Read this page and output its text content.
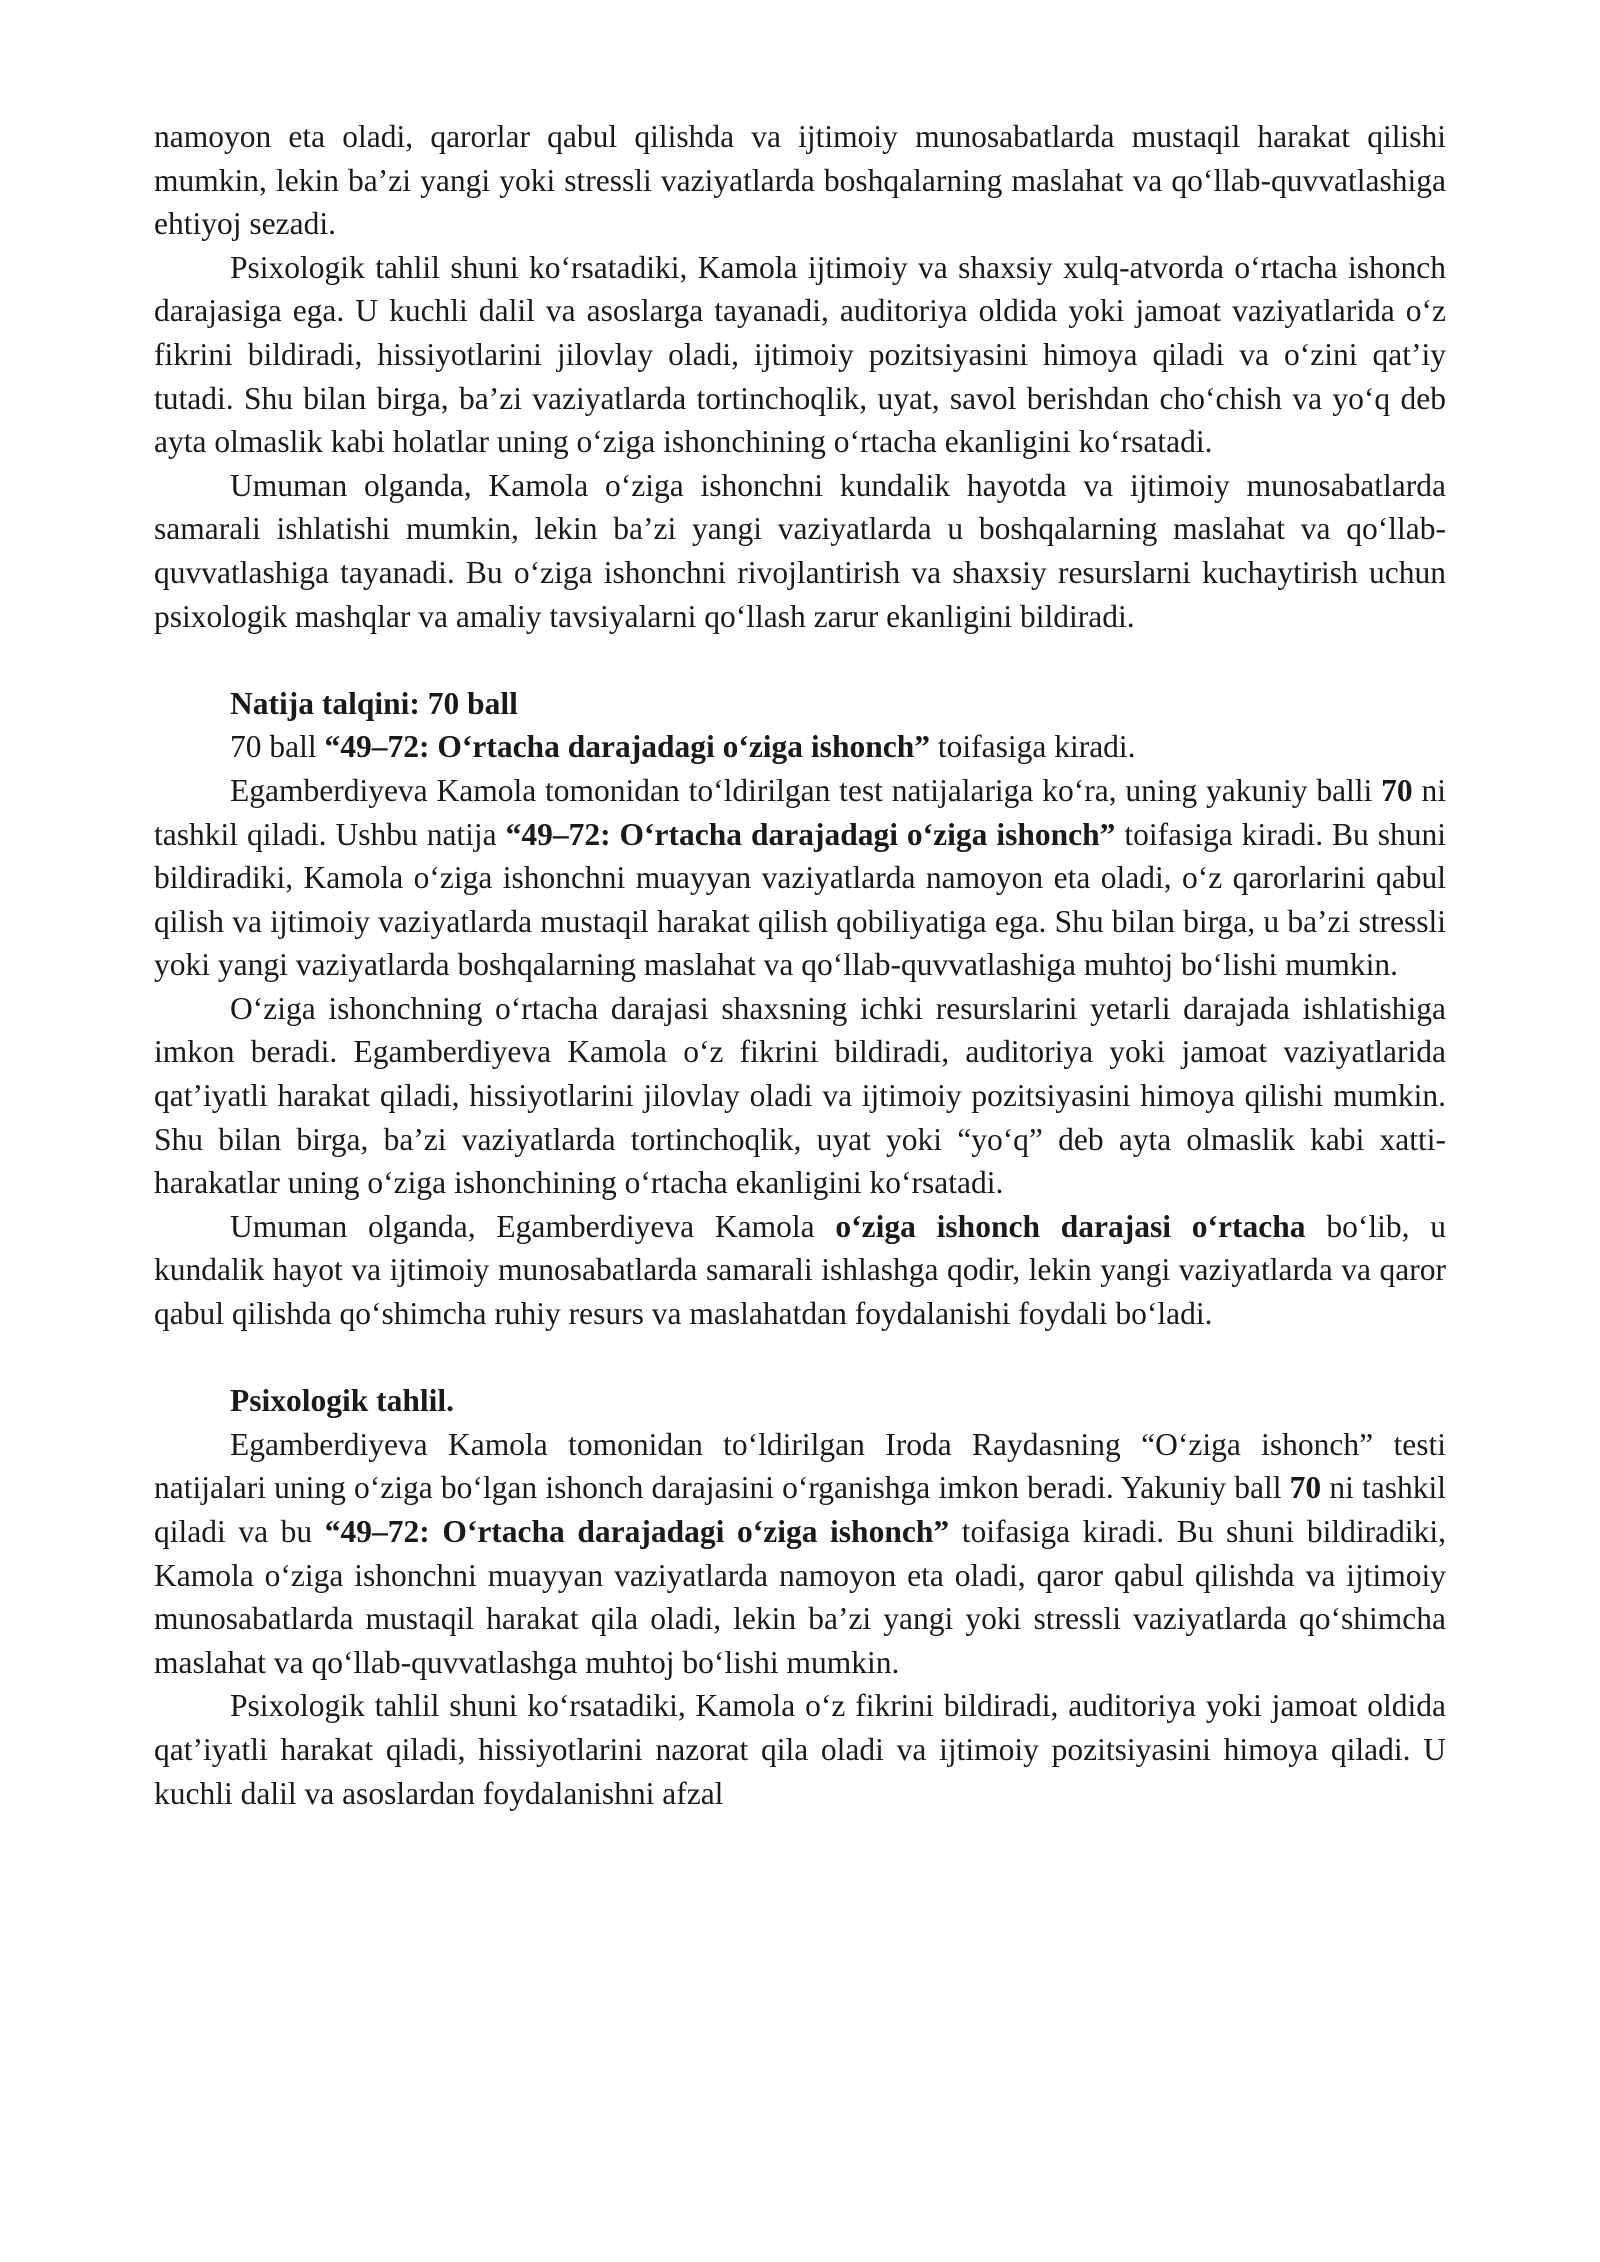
namoyon eta oladi, qarorlar qabul qilishda va ijtimoiy munosabatlarda mustaqil harakat qilishi mumkin, lekin ba’zi yangi yoki stressli vaziyatlarda boshqalarning maslahat va qo‘llab-quvvatlashiga ehtiyoj sezadi.

Psixologik tahlil shuni ko‘rsatadiki, Kamola ijtimoiy va shaxsiy xulq-atvorda o‘rtacha ishonch darajasiga ega. U kuchli dalil va asoslarga tayanadi, auditoriya oldida yoki jamoat vaziyatlarida o‘z fikrini bildiradi, hissiyotlarini jilovlay oladi, ijtimoiy pozitsiyasini himoya qiladi va o‘zini qat’iy tutadi. Shu bilan birga, ba’zi vaziyatlarda tortinchoqlik, uyat, savol berishdan cho‘chish va yo‘q deb ayta olmaslik kabi holatlar uning o‘ziga ishonchining o‘rtacha ekanligini ko‘rsatadi.

Umuman olganda, Kamola o‘ziga ishonchni kundalik hayotda va ijtimoiy munosabatlarda samarali ishlatishi mumkin, lekin ba’zi yangi vaziyatlarda u boshqalarning maslahat va qo‘llab-quvvatlashiga tayanadi. Bu o‘ziga ishonchni rivojlantirish va shaxsiy resurslarni kuchaytirish uchun psixologik mashqlar va amaliy tavsiyalarni qo‘llash zarur ekanligini bildiradi.

Natija talqini: 70 ball

70 ball “49–72: O‘rtacha darajadagi o‘ziga ishonch” toifasiga kiradi.

Egamberdiyeva Kamola tomonidan to‘ldirilgan test natijalariga ko‘ra, uning yakuniy balli 70 ni tashkil qiladi. Ushbu natija “49–72: O‘rtacha darajadagi o‘ziga ishonch” toifasiga kiradi. Bu shuni bildiradiki, Kamola o‘ziga ishonchni muayyan vaziyatlarda namoyon eta oladi, o‘z qarorlarini qabul qilish va ijtimoiy vaziyatlarda mustaqil harakat qilish qobiliyatiga ega. Shu bilan birga, u ba’zi stressli yoki yangi vaziyatlarda boshqalarning maslahat va qo‘llab-quvvatlashiga muhtoj bo‘lishi mumkin.

O‘ziga ishonchning o‘rtacha darajasi shaxsning ichki resurslarini yetarli darajada ishlatishiga imkon beradi. Egamberdiyeva Kamola o‘z fikrini bildiradi, auditoriya yoki jamoat vaziyatlarida qat’iyatli harakat qiladi, hissiyotlarini jilovlay oladi va ijtimoiy pozitsiyasini himoya qilishi mumkin. Shu bilan birga, ba’zi vaziyatlarda tortinchoqlik, uyat yoki “yo‘q” deb ayta olmaslik kabi xatti-harakatlar uning o‘ziga ishonchining o‘rtacha ekanligini ko‘rsatadi.

Umuman olganda, Egamberdiyeva Kamola o‘ziga ishonch darajasi o‘rtacha bo‘lib, u kundalik hayot va ijtimoiy munosabatlarda samarali ishlashga qodir, lekin yangi vaziyatlarda va qaror qabul qilishda qo‘shimcha ruhiy resurs va maslahatdan foydalanishi foydali bo‘ladi.

Psixologik tahlil.

Egamberdiyeva Kamola tomonidan to‘ldirilgan Iroda Raydasning “O‘ziga ishonch” testi natijalari uning o‘ziga bo‘lgan ishonch darajasini o‘rganishga imkon beradi. Yakuniy ball 70 ni tashkil qiladi va bu “49–72: O‘rtacha darajadagi o‘ziga ishonch” toifasiga kiradi. Bu shuni bildiradiki, Kamola o‘ziga ishonchni muayyan vaziyatlarda namoyon eta oladi, qaror qabul qilishda va ijtimoiy munosabatlarda mustaqil harakat qila oladi, lekin ba’zi yangi yoki stressli vaziyatlarda qo‘shimcha maslahat va qo‘llab-quvvatlashga muhtoj bo‘lishi mumkin.

Psixologik tahlil shuni ko‘rsatadiki, Kamola o‘z fikrini bildiradi, auditoriya yoki jamoat oldida qat’iyatli harakat qiladi, hissiyotlarini nazorat qila oladi va ijtimoiy pozitsiyasini himoya qiladi. U kuchli dalil va asoslardan foydalanishni afzal
